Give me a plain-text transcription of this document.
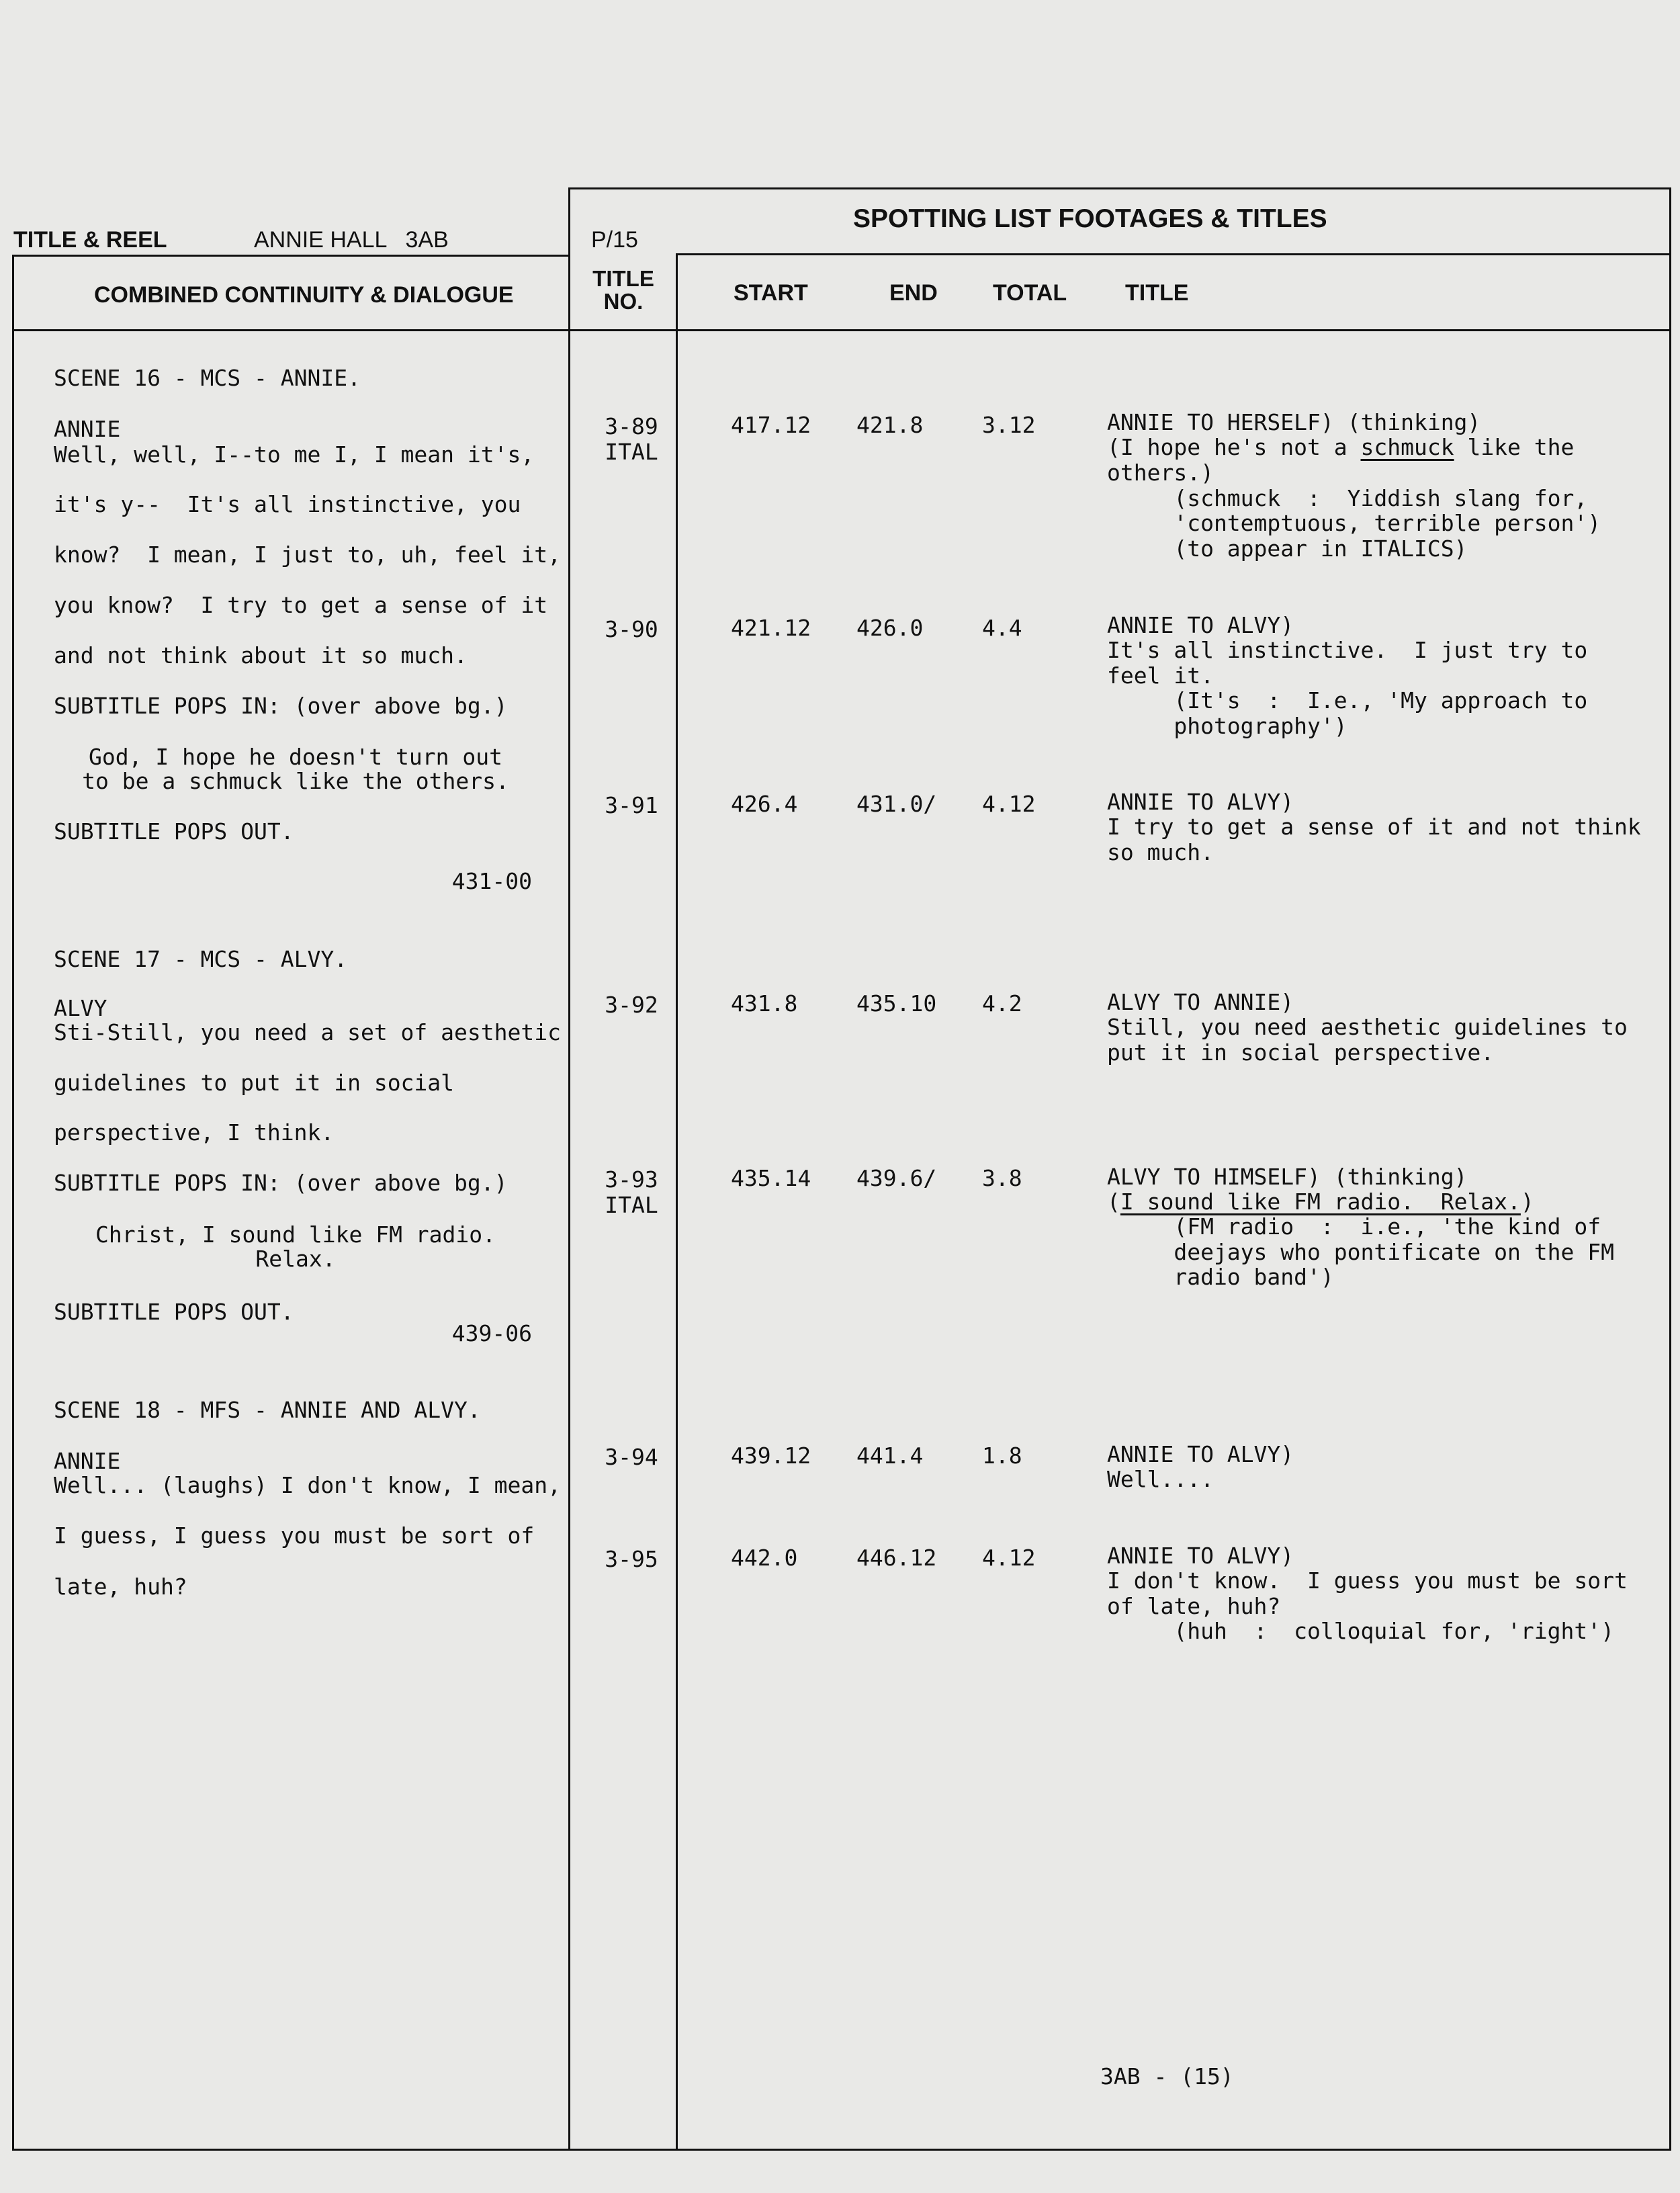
TITLE & REEL	ANNIE HALL   3AB	P/15
SPOTTING LIST FOOTAGES & TITLES
COMBINED CONTINUITY & DIALOGUE
TITLE
NO.	START	END TOTAL	TITLE
SCENE 16 - MCS - ANNIE.
ANNIE
Well, well, I--to me I, I mean it's,
it's y--  It's all instinctive, you
know?  I mean, I just to, uh, feel it,
you know?  I try to get a sense of it
and not think about it so much.
SUBTITLE POPS IN: (over above bg.)
God, I hope he doesn't turn out
to be a schmuck like the others.
SUBTITLE POPS OUT.
431-00
SCENE 17 - MCS - ALVY.
ALVY
Sti-Still, you need a set of aesthetic
guidelines to put it in social
perspective, I think.
SUBTITLE POPS IN: (over above bg.)
Christ, I sound like FM radio.
Relax.
SUBTITLE POPS OUT.
439-06
SCENE 18 - MFS - ANNIE AND ALVY.
ANNIE
Well... (laughs) I don't know, I mean,
I guess, I guess you must be sort of
late, huh?
3-89
ITAL
417.12 421.8	3.12	ANNIE TO HERSELF) (thinking)
(I hope he's not a schmuck like the
others.)
(schmuck  :  Yiddish slang for,
'contemptuous, terrible person')
(to appear in ITALICS)
3-90	421.12 426.0	4.4	ANNIE TO ALVY)
It's all instinctive.  I just try to
feel it.
(It's  :  I.e., 'My approach to
photography')
3-91	426.4	431.0/ 4.12	ANNIE TO ALVY)
I try to get a sense of it and not think
so much.
3-92	431.8	435.10 4.2	ALVY TO ANNIE)
Still, you need aesthetic guidelines to
put it in social perspective.
3-93
ITAL
435.14 439.6/ 3.8	ALVY TO HIMSELF) (thinking)
(I sound like FM radio.  Relax.)
(FM radio  :  i.e., 'the kind of
deejays who pontificate on the FM
radio band')
3-94	439.12 441.4	1.8	ANNIE TO ALVY)
Well....
3-95	442.0	446.12 4.12	ANNIE TO ALVY)
I don't know.  I guess you must be sort
of late, huh?
(huh  :  colloquial for, 'right')
3AB - (15)
